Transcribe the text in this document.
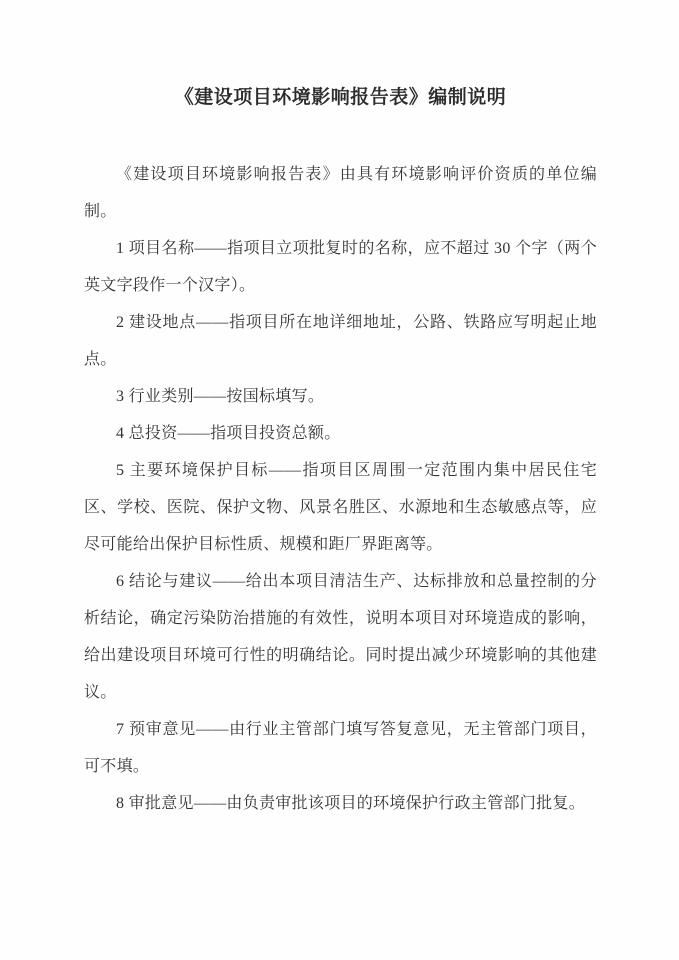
《建设项目环境影响报告表》编制说明

《建设项目环境影响报告表》由具有环境影响评价资质的单位编制。

1 项目名称——指项目立项批复时的名称，应不超过 30 个字（两个英文字段作一个汉字）。

2 建设地点——指项目所在地详细地址，公路、铁路应写明起止地点。

3 行业类别——按国标填写。

4 总投资——指项目投资总额。

5 主要环境保护目标——指项目区周围一定范围内集中居民住宅区、学校、医院、保护文物、风景名胜区、水源地和生态敏感点等，应尽可能给出保护目标性质、规模和距厂界距离等。

6 结论与建议——给出本项目清洁生产、达标排放和总量控制的分析结论，确定污染防治措施的有效性，说明本项目对环境造成的影响，给出建设项目环境可行性的明确结论。同时提出减少环境影响的其他建议。

7 预审意见——由行业主管部门填写答复意见，无主管部门项目，可不填。

8 审批意见——由负责审批该项目的环境保护行政主管部门批复。
